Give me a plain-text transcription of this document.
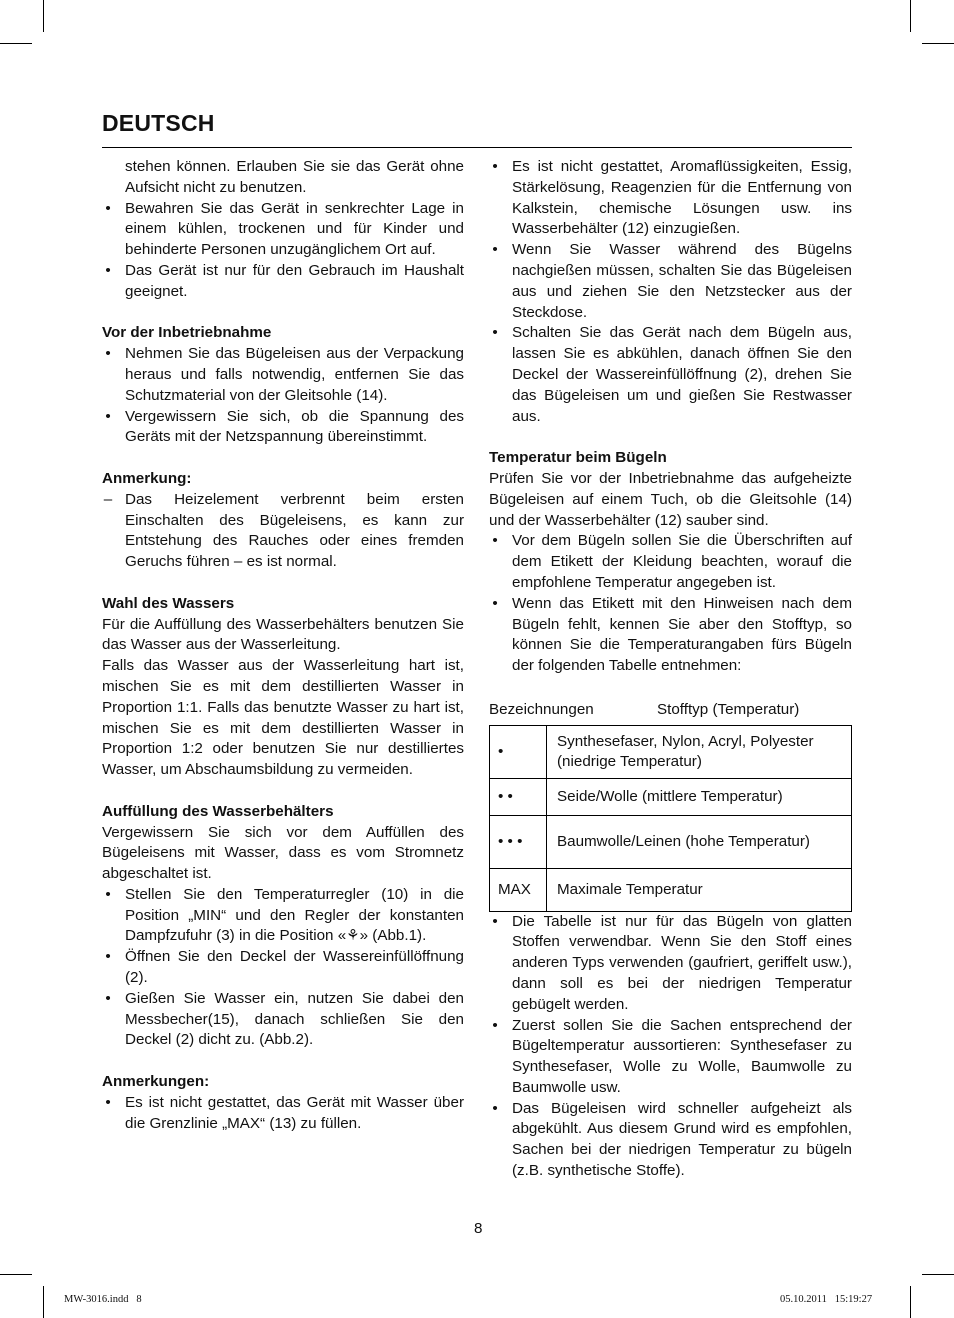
DEUTSCH

stehen können. Erlauben Sie sie das Gerät ohne Aufsicht nicht zu benutzen.

• Bewahren Sie das Gerät in senkrechter Lage in einem kühlen, trockenen und für Kinder und behinderte Personen unzugänglichem Ort auf.
• Das Gerät ist nur für den Gebrauch im Haushalt geeignet.
Vor der Inbetriebnahme
• Nehmen Sie das Bügeleisen aus der Verpackung heraus und falls notwendig, entfernen Sie das Schutzmaterial von der Gleitsohle (14).
• Vergewissern Sie sich, ob die Spannung des Geräts mit der Netzspannung übereinstimmt.
Anmerkung:
– Das Heizelement verbrennt beim ersten Einschalten des Bügeleisens, es kann zur Entstehung des Rauches oder eines fremden Geruchs führen – es ist normal.
Wahl des Wassers

Für die Auffüllung des Wasserbehälters benutzen Sie das Wasser aus der Wasserleitung.

Falls das Wasser aus der Wasserleitung hart ist, mischen Sie es mit dem destillierten Wasser in Proportion 1:1. Falls das benutzte Wasser zu hart ist, mischen Sie es mit dem destillierten Wasser in Proportion 1:2 oder benutzen Sie nur destilliertes Wasser, um Abschaumsbildung zu vermeiden.

Auffüllung des Wasserbehälters

Vergewissern Sie sich vor dem Auffüllen des Bügeleisens mit Wasser, dass es vom Stromnetz abgeschaltet ist.

• Stellen Sie den Temperaturregler (10) in die Position „MIN“ und den Regler der konstanten Dampfzufuhr (3) in die Position «⚘» (Abb.1).
• Öffnen Sie den Deckel der Wassereinfüllöffnung (2).
• Gießen Sie Wasser ein, nutzen Sie dabei den Messbecher(15), danach schließen Sie den Deckel (2) dicht zu. (Abb.2).
Anmerkungen:
• Es ist nicht gestattet, das Gerät mit Wasser über die Grenzlinie „MAX“ (13) zu füllen.
• Es ist nicht gestattet, Aromaflüssigkeiten, Essig, Stärkelösung, Reagenzien für die Entfernung von Kalkstein, chemische Lösungen usw. ins Wasserbehälter (12) einzugießen.
• Wenn Sie Wasser während des Bügelns nachgießen müssen, schalten Sie das Bügeleisen aus und ziehen Sie den Netzstecker aus der Steckdose.
• Schalten Sie das Gerät nach dem Bügeln aus, lassen Sie es abkühlen, danach öffnen Sie den Deckel der Wassereinfüllöffnung (2), drehen Sie das Bügeleisen um und gießen Sie Restwasser aus.
Temperatur beim Bügeln

Prüfen Sie vor der Inbetriebnahme das aufgeheizte Bügeleisen auf einem Tuch, ob die Gleitsohle (14) und der Wasserbehälter (12) sauber sind.

• Vor dem Bügeln sollen Sie die Überschriften auf dem Etikett der Kleidung beachten, worauf die empfohlene Temperatur angegeben ist.
• Wenn das Etikett mit den Hinweisen nach dem Bügeln fehlt, kennen Sie aber den Stofftyp, so können Sie die Temperaturangaben fürs Bügeln der folgenden Tabelle entnehmen:
Bezeichnungen	Stofftyp (Temperatur)
•	Synthesefaser, Nylon, Acryl, Polyester (niedrige Temperatur)
• •	Seide/Wolle (mittlere Temperatur)
• • •	Baumwolle/Leinen (hohe Temperatur)
MAX	Maximale Temperatur
• Die Tabelle ist nur für das Bügeln von glatten Stoffen verwendbar. Wenn Sie den Stoff eines anderen Typs verwenden (gaufriert, geriffelt usw.), dann soll es bei der niedrigen Temperatur gebügelt werden.
• Zuerst sollen Sie die Sachen entsprechend der Bügeltemperatur aussortieren: Synthesefaser zu Synthesefaser, Wolle zu Wolle, Baumwolle zu Baumwolle usw.
• Das Bügeleisen wird schneller aufgeheizt als abgekühlt. Aus diesem Grund wird es empfohlen, Sachen bei der niedrigen Temperatur zu bügeln (z.B. synthetische Stoffe).
8
MW-3016.indd   8	05.10.2011   15:19:27
